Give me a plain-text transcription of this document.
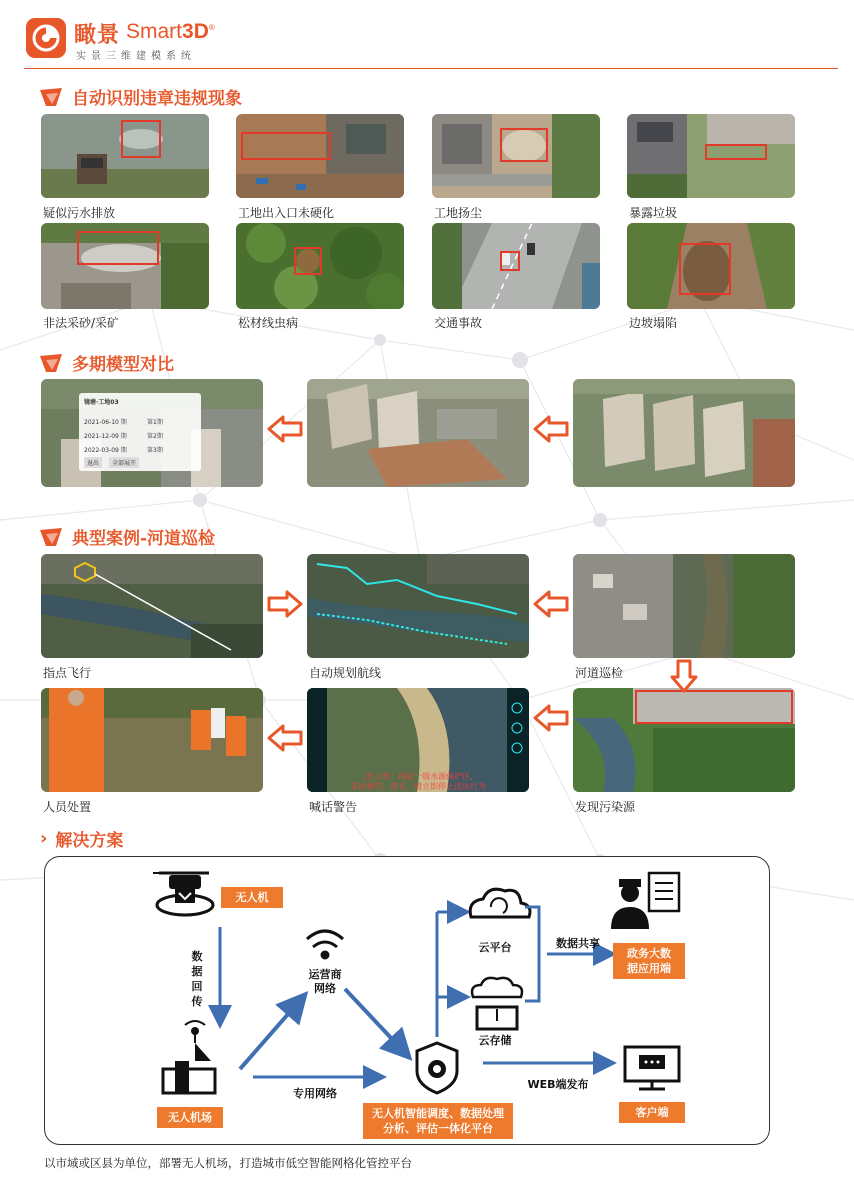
瞰景 Smart3D®
实景三维建模系统
自动识别违章违规现象
疑似污水排放	工地出入口未硬化	工地扬尘	暴露垃圾
非法采砂/采矿	松材线虫病	交通事故	边坡塌陷
多期模型对比
镜塘·工地03
2021-06-10 期	第1期
2021-12-09 期	第2期
2022-03-09 期	第3期
退出	全部展开
典型案例-河道巡检
指点飞行	自动规划航线	河道巡检
人员处置
(无人机：国家一级水源保护区,
非法垂钓、洗衣，请立即停止违法行为
喊话警告	发现污染源
› 解决方案
无人机
数
据
回
传
运营商
网络
无人机场
专用网络
无人机智能调度、数据处理
分析、评估一体化平台
云平台
云存储
数据共享
政务大数
据应用端
WEB端发布
客户端
以市域或区县为单位，部署无人机场，打造城市低空智能网格化管控平台
